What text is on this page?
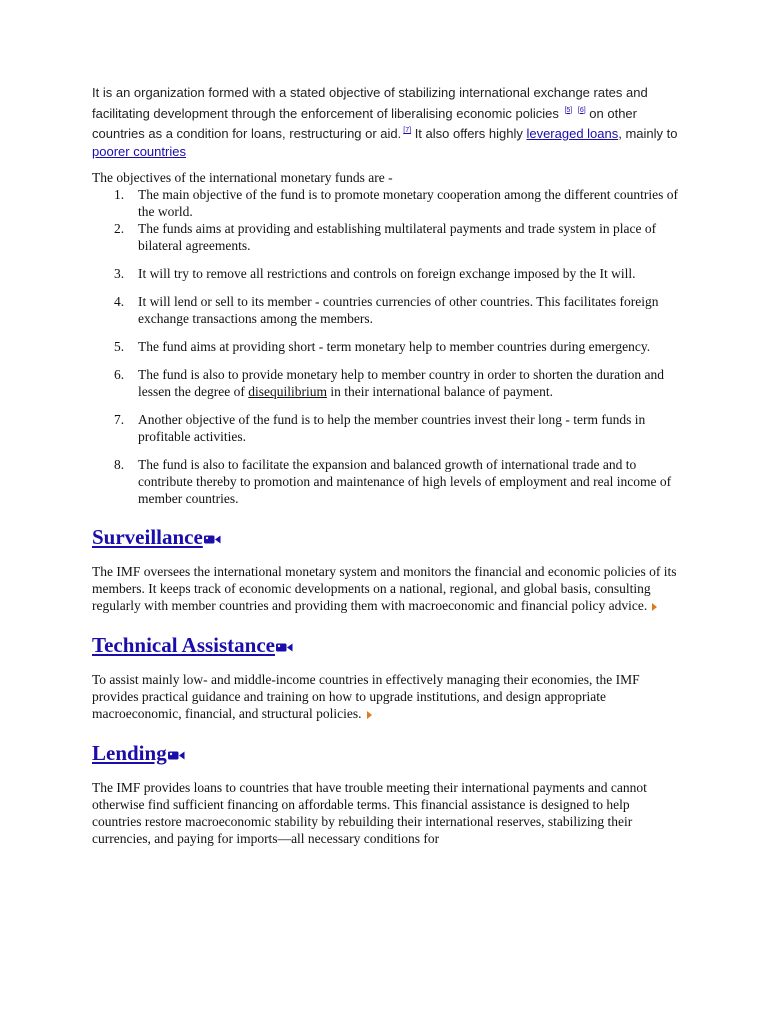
It is an organization formed with a stated objective of stabilizing international exchange rates and facilitating development through the enforcement of liberalising economic policies [5] [6] on other countries as a condition for loans, restructuring or aid. [7] It also offers highly leveraged loans, mainly to poorer countries

The objectives of the international monetary funds are -

1. The main objective of the fund is to promote monetary cooperation among the different countries of the world.
2. The funds aims at providing and establishing multilateral payments and trade system in place of bilateral agreements.
3. It will try to remove all restrictions and controls on foreign exchange imposed by the It will.
4. It will lend or sell to its member - countries currencies of other countries. This facilitates foreign exchange transactions among the members.
5. The fund aims at providing short - term monetary help to member countries during emergency.
6. The fund is also to provide monetary help to member country in order to shorten the duration and lessen the degree of disequilibrium in their international balance of payment.
7. Another objective of the fund is to help the member countries invest their long - term funds in profitable activities.
8. The fund is also to facilitate the expansion and balanced growth of international trade and to contribute thereby to promotion and maintenance of high levels of employment and real income of member countries.
Surveillance

The IMF oversees the international monetary system and monitors the financial and economic policies of its members. It keeps track of economic developments on a national, regional, and global basis, consulting regularly with member countries and providing them with macroeconomic and financial policy advice.

Technical Assistance

To assist mainly low- and middle-income countries in effectively managing their economies, the IMF provides practical guidance and training on how to upgrade institutions, and design appropriate macroeconomic, financial, and structural policies.

Lending

The IMF provides loans to countries that have trouble meeting their international payments and cannot otherwise find sufficient financing on affordable terms. This financial assistance is designed to help countries restore macroeconomic stability by rebuilding their international reserves, stabilizing their currencies, and paying for imports—all necessary conditions for
